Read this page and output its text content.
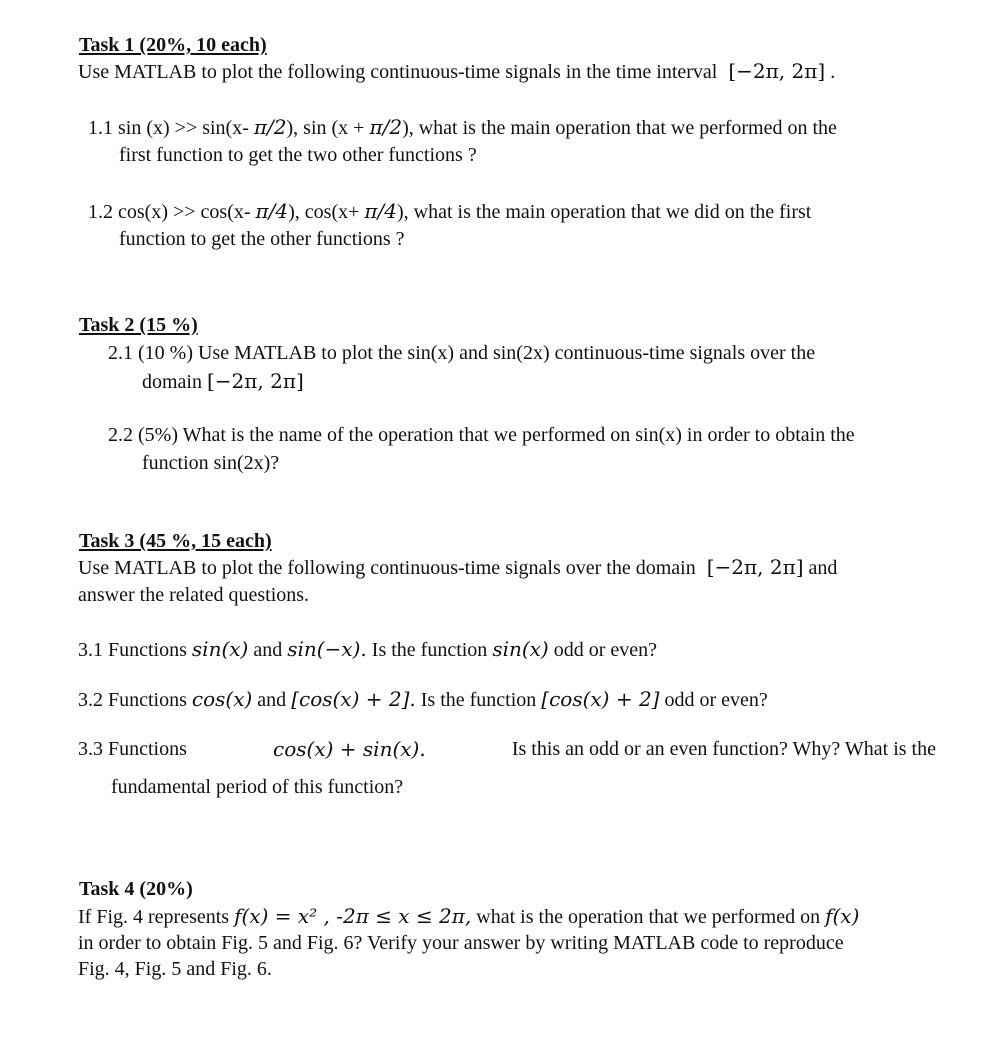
Task 1 (20%, 10 each)
Use MATLAB to plot the following continuous-time signals in the time interval [−2π, 2π] .
1.1 sin (x) >> sin(x- π/2), sin (x + π/2), what is the main operation that we performed on the
first function to get the two other functions ?
1.2 cos(x) >> cos(x- π/4), cos(x+ π/4), what is the main operation that we did on the first
function to get the other functions ?
Task 2 (15 %)
2.1 (10 %) Use MATLAB to plot the sin(x) and sin(2x) continuous-time signals over the
domain [−2π, 2π]
2.2 (5%) What is the name of the operation that we performed on sin(x) in order to obtain the
function sin(2x)?
Task 3 (45 %, 15 each)
Use MATLAB to plot the following continuous-time signals over the domain [−2π, 2π] and
answer the related questions.
3.1 Functions sin(x) and sin(−x). Is the function sin(x) odd or even?
3.2 Functions cos(x) and [cos(x) + 2]. Is the function [cos(x) + 2] odd or even?
3.3 Functions	cos(x) + sin(x).	Is this an odd or an even function? Why? What is the
fundamental period of this function?
Task 4 (20%)
If Fig. 4 represents f(x) = x² , -2π ≤ x ≤ 2π, what is the operation that we performed on f(x)
in order to obtain Fig. 5 and Fig. 6? Verify your answer by writing MATLAB code to reproduce
Fig. 4, Fig. 5 and Fig. 6.
